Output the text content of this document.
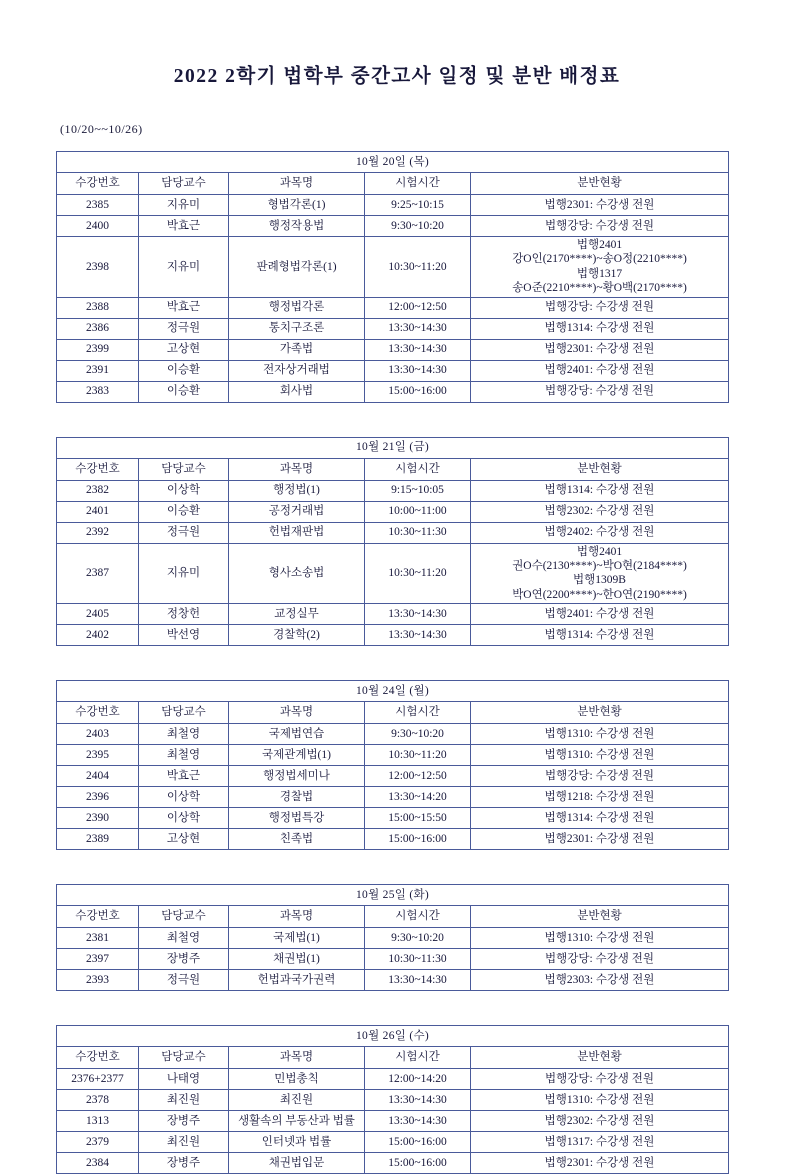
2022 2학기 법학부 중간고사 일정 및 분반 배정표
(10/20~~10/26)
10월 20일 (목)				
수강번호	담당교수	과목명	시험시간	분반현황
2385	지유미	형법각론(1)	9:25~10:15	법행2301: 수강생 전원
2400	박효근	행정작용법	9:30~10:20	법행강당: 수강생 전원
2398	지유미	판례형법각론(1)	10:30~11:20	법행2401
강O인(2170****)~송O정(2210****)
법행1317
송O준(2210****)~황O백(2170****)

2388	박효근	행정법각론	12:00~12:50	법행강당: 수강생 전원
2386	정극원	통치구조론	13:30~14:30	법행1314: 수강생 전원
2399	고상현	가족법	13:30~14:30	법행2301: 수강생 전원
2391	이승환	전자상거래법	13:30~14:30	법행2401: 수강생 전원
2383	이승환	회사법	15:00~16:00	법행강당: 수강생 전원
10월 21일 (금)				
수강번호	담당교수	과목명	시험시간	분반현황
2382	이상학	행정법(1)	9:15~10:05	법행1314: 수강생 전원
2401	이승환	공정거래법	10:00~11:00	법행2302: 수강생 전원
2392	정극원	헌법재판법	10:30~11:30	법행2402: 수강생 전원
2387	지유미	형사소송법	10:30~11:20	법행2401
권O수(2130****)~박O현(2184****)
법행1309B
박O연(2200****)~한O연(2190****)

2405	정창헌	교정실무	13:30~14:30	법행2401: 수강생 전원
2402	박선영	경찰학(2)	13:30~14:30	법행1314: 수강생 전원
10월 24일 (월)				
수강번호	담당교수	과목명	시험시간	분반현황
2403	최철영	국제법연습	9:30~10:20	법행1310: 수강생 전원
2395	최철영	국제관계법(1)	10:30~11:20	법행1310: 수강생 전원
2404	박효근	행정법세미나	12:00~12:50	법행강당: 수강생 전원
2396	이상학	경찰법	13:30~14:20	법행1218: 수강생 전원
2390	이상학	행정법특강	15:00~15:50	법행1314: 수강생 전원
2389	고상현	친족법	15:00~16:00	법행2301: 수강생 전원
10월 25일 (화)				
수강번호	담당교수	과목명	시험시간	분반현황
2381	최철영	국제법(1)	9:30~10:20	법행1310: 수강생 전원
2397	장병주	채권법(1)	10:30~11:30	법행강당: 수강생 전원
2393	정극원	헌법과국가권력	13:30~14:30	법행2303: 수강생 전원
10월 26일 (수)				
수강번호	담당교수	과목명	시험시간	분반현황
2376+2377	나태영	민법총칙	12:00~14:20	법행강당: 수강생 전원
2378	최진원	최진원	13:30~14:30	법행1310: 수강생 전원
1313	장병주	생활속의 부동산과 법률	13:30~14:30	법행2302: 수강생 전원
2379	최진원	인터넷과 법률	15:00~16:00	법행1317: 수강생 전원
2384	장병주	채권법입문	15:00~16:00	법행2301: 수강생 전원
